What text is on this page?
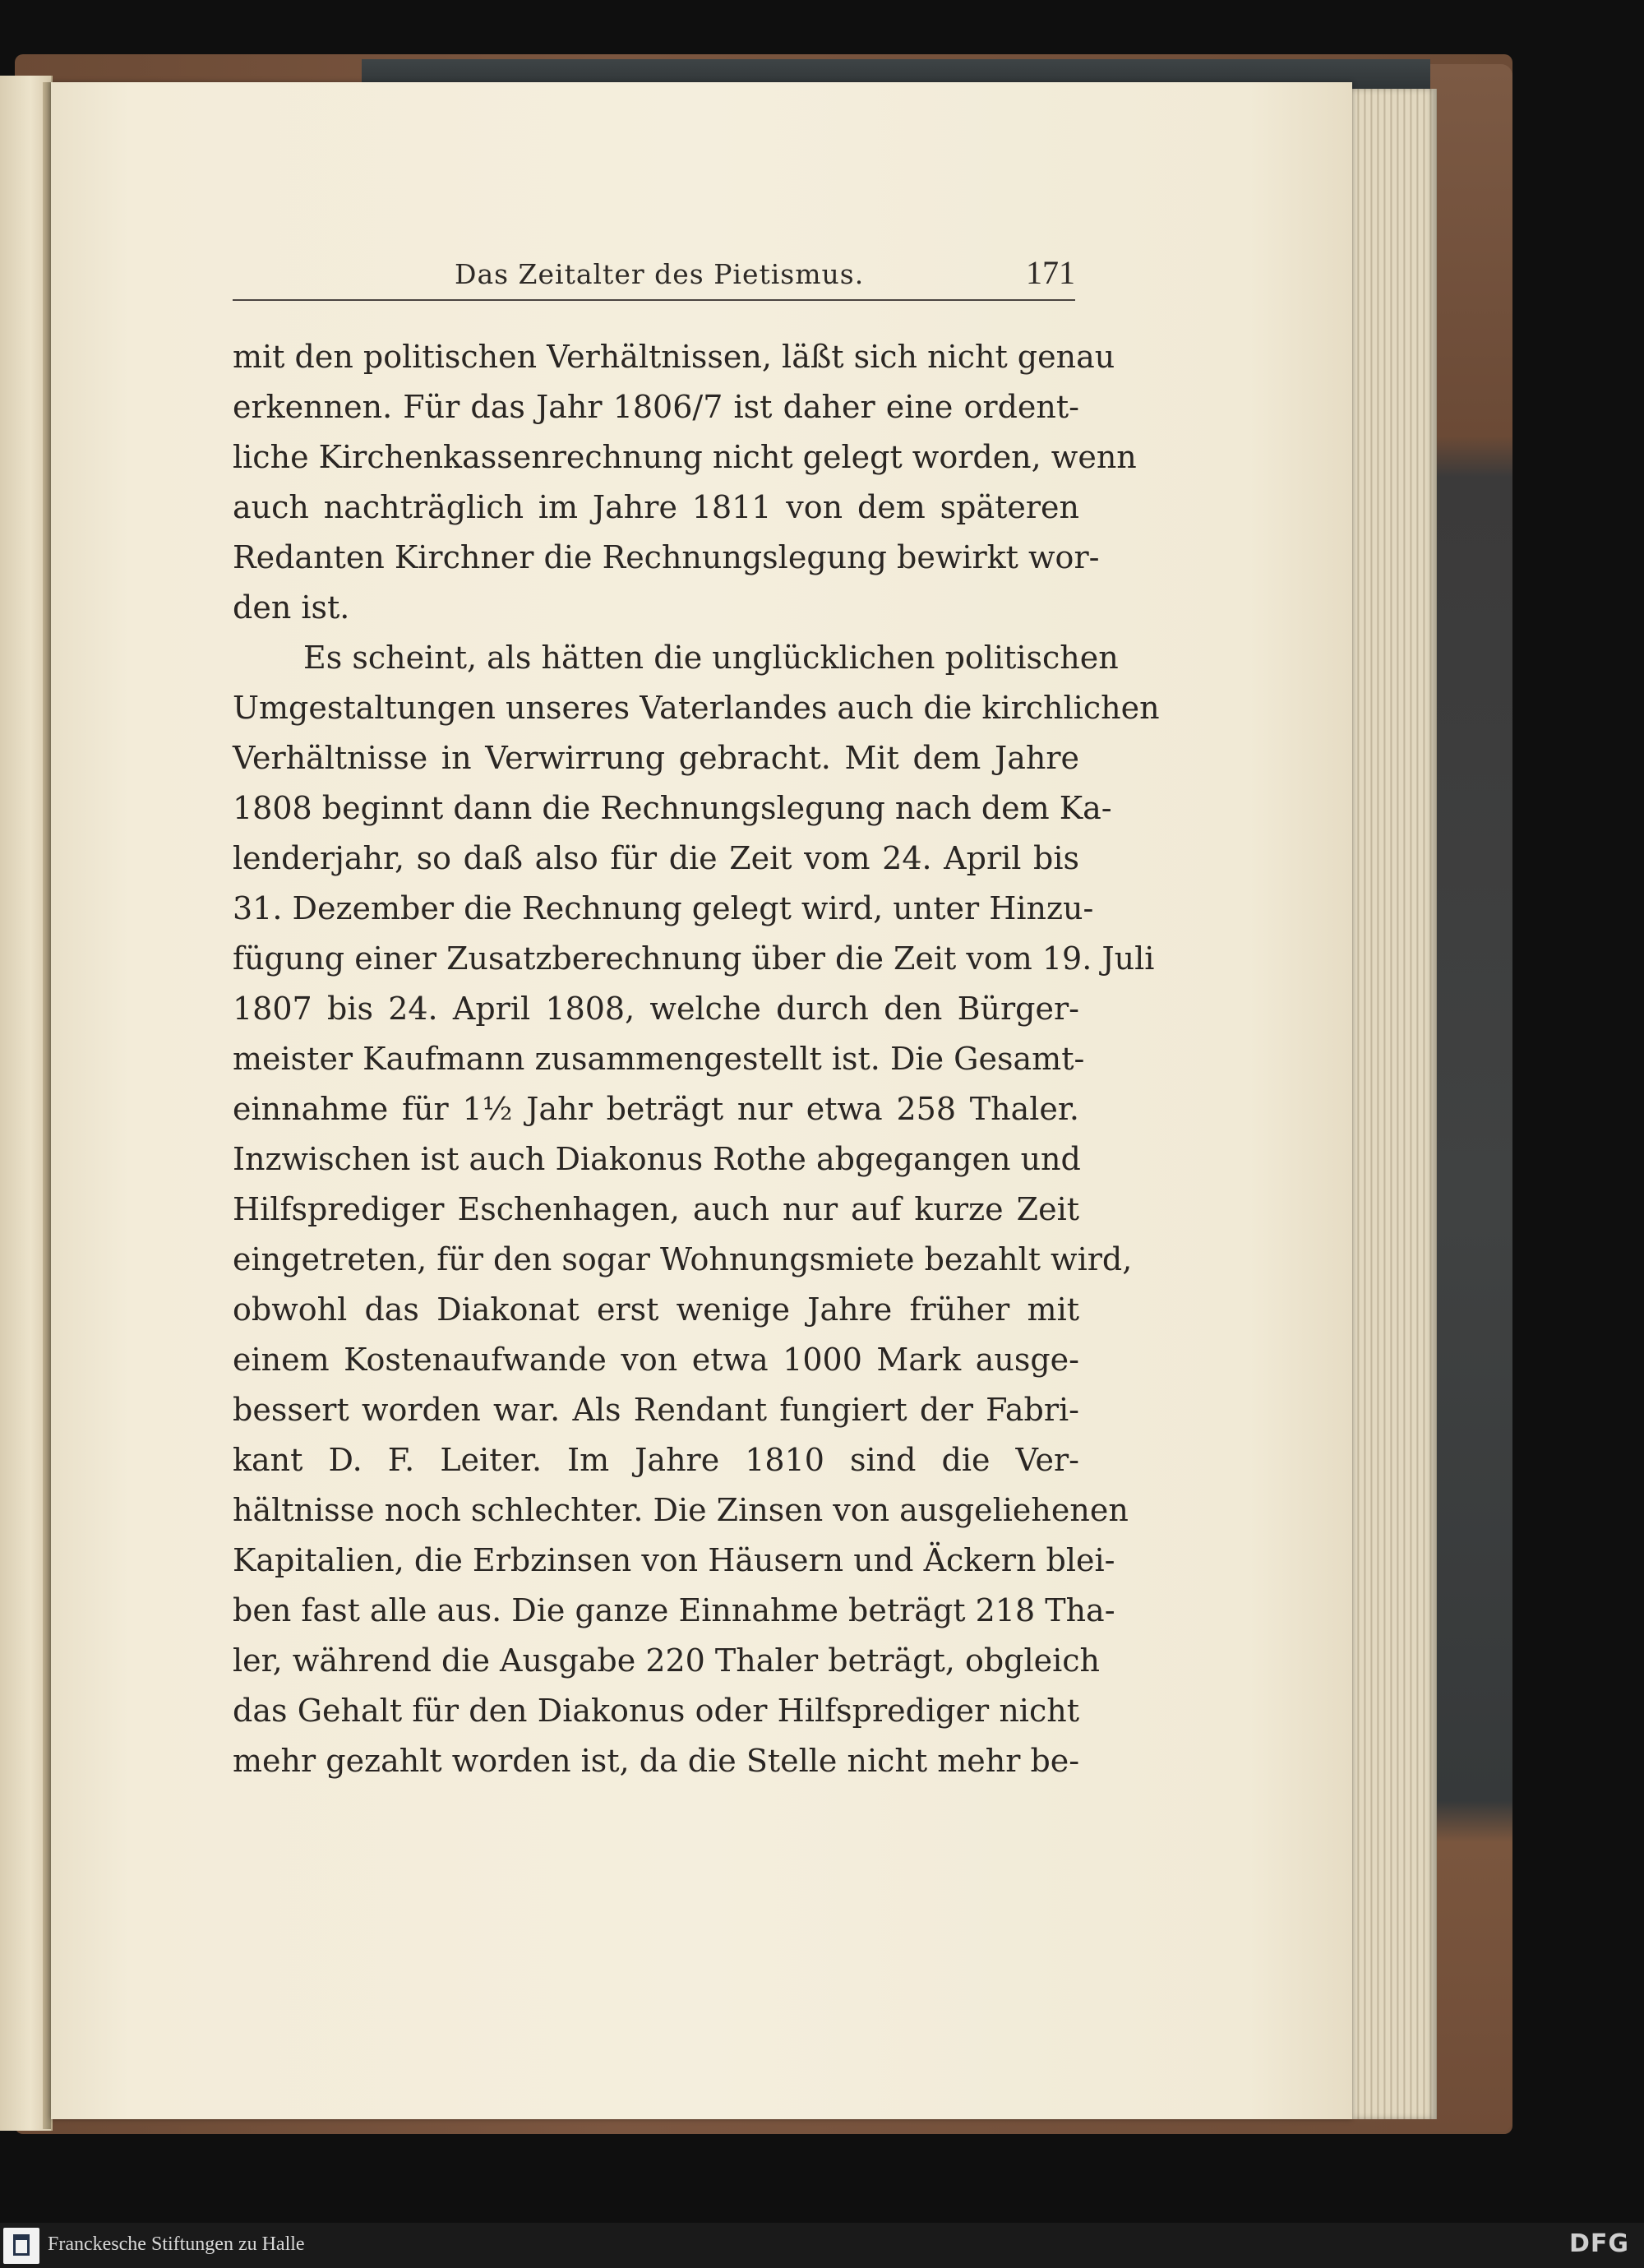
Das Zeitalter des Pietismus.	171
mit den politischen Verhältnissen, läßt sich nicht genau
erkennen. Für das Jahr 1806/7 ist daher eine ordent-
liche Kirchenkassenrechnung nicht gelegt worden, wenn
auch nachträglich im Jahre 1811 von dem späteren
Redanten Kirchner die Rechnungslegung bewirkt wor-
den ist.
Es scheint, als hätten die unglücklichen politischen
Umgestaltungen unseres Vaterlandes auch die kirchlichen
Verhältnisse in Verwirrung gebracht. Mit dem Jahre
1808 beginnt dann die Rechnungslegung nach dem Ka-
lenderjahr, so daß also für die Zeit vom 24. April bis
31. Dezember die Rechnung gelegt wird, unter Hinzu-
fügung einer Zusatzberechnung über die Zeit vom 19. Juli
1807 bis 24. April 1808, welche durch den Bürger-
meister Kaufmann zusammengestellt ist. Die Gesamt-
einnahme für 1½ Jahr beträgt nur etwa 258 Thaler.
Inzwischen ist auch Diakonus Rothe abgegangen und
Hilfsprediger Eschenhagen, auch nur auf kurze Zeit
eingetreten, für den sogar Wohnungsmiete bezahlt wird,
obwohl das Diakonat erst wenige Jahre früher mit
einem Kostenaufwande von etwa 1000 Mark ausge-
bessert worden war. Als Rendant fungiert der Fabri-
kant D. F. Leiter. Im Jahre 1810 sind die Ver-
hältnisse noch schlechter. Die Zinsen von ausgeliehenen
Kapitalien, die Erbzinsen von Häusern und Äckern blei-
ben fast alle aus. Die ganze Einnahme beträgt 218 Tha-
ler, während die Ausgabe 220 Thaler beträgt, obgleich
das Gehalt für den Diakonus oder Hilfsprediger nicht
mehr gezahlt worden ist, da die Stelle nicht mehr be-
Franckesche Stiftungen zu Halle	DFG
